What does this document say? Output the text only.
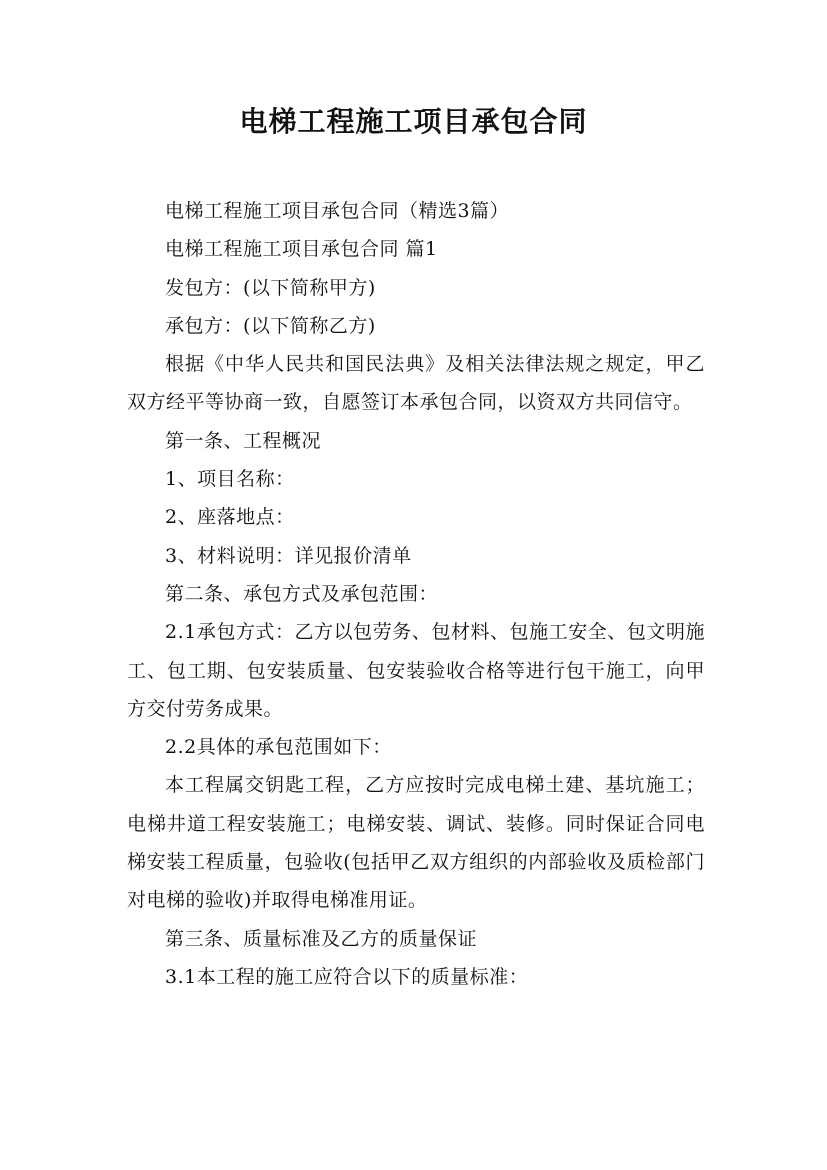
电梯工程施工项目承包合同

电梯工程施工项目承包合同（精选3篇）

电梯工程施工项目承包合同 篇1

发包方：(以下简称甲方)

承包方：(以下简称乙方)

根据《中华人民共和国民法典》及相关法律法规之规定，甲乙双方经平等协商一致，自愿签订本承包合同，以资双方共同信守。

第一条、工程概况

1、项目名称：

2、座落地点：

3、材料说明：详见报价清单

第二条、承包方式及承包范围：

2.1承包方式：乙方以包劳务、包材料、包施工安全、包文明施工、包工期、包安装质量、包安装验收合格等进行包干施工，向甲方交付劳务成果。

2.2具体的承包范围如下：

本工程属交钥匙工程，乙方应按时完成电梯土建、基坑施工；电梯井道工程安装施工；电梯安装、调试、装修。同时保证合同电梯安装工程质量，包验收(包括甲乙双方组织的内部验收及质检部门对电梯的验收)并取得电梯准用证。

第三条、质量标准及乙方的质量保证

3.1本工程的施工应符合以下的质量标准：
